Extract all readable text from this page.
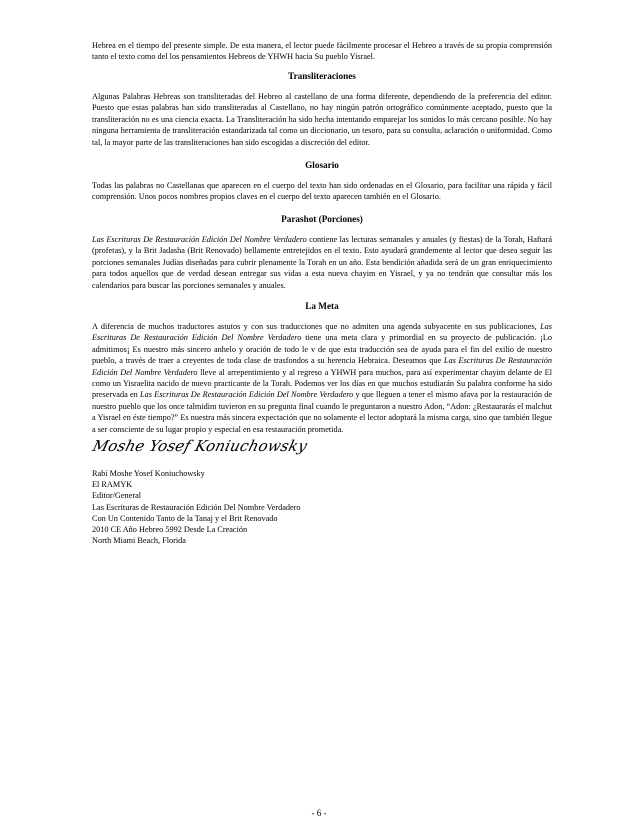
Hebrea en el tiempo del presente simple. De esta manera, el lector puede fácilmente procesar el Hebreo a través de su propia comprensión tanto el texto como del los pensamientos Hebreos de YHWH hacia Su pueblo Yisrael.

Transliteraciones

Algunas Palabras Hebreas son transliteradas del Hebreo al castellano de una forma diferente, dependiendo de la preferencia del editor. Puesto que estas palabras han sido transliteradas al Castellano, no hay ningún patrón ortográfico comúnmente aceptado, puesto que la transliteración no es una ciencia exacta. La Transliteración ha sido hecha intentando emparejar los sonidos lo más cercano posible. No hay ninguna herramienta de transliteración estandarizada tal como un diccionario, un tesoro, para su consulta, aclaración o uniformidad. Como tal, la mayor parte de las transliteraciones han sido escogidas a discreción del editor.

Glosario

Todas las palabras no Castellanas que aparecen en el cuerpo del texto han sido ordenadas en el Glosario, para facilitar una rápida y fácil comprensión. Unos pocos nombres propios claves en el cuerpo del texto aparecen también en el Glosario.

Parashot (Porciones)

Las Escrituras De Restauración Edición Del Nombre Verdadero contiene las lecturas semanales y anuales (y fiestas) de la Torah, Haftará (profetas), y la Brit Jadasha (Brit Renovado) bellamente entretejidos en el texto. Esto ayudará grandemente al lector que desea seguir las porciones semanales Judías diseñadas para cubrir plenamente la Torah en un año. Esta bendición añadida será de un gran enriquecimiento para todos aquellos que de verdad desean entregar sus vidas a esta nueva chayim en Yisrael, y ya no tendrán que consultar más los calendarios para buscar las porciones semanales y anuales.

La Meta

A diferencia de muchos traductores astutos y con sus traducciones que no admiten una agenda subyacente en sus publicaciones, Las Escrituras De Restauración Edición Del Nombre Verdadero tiene una meta clara y primordial en su proyecto de publicación. ¡Lo admitimos¡ Es nuestro más sincero anhelo y oración de todo le v de que esta traducción sea de ayuda para el fin del exilio de nuestro pueblo, a través de traer a creyentes de toda clase de trasfondos a su herencia Hebraica. Deseamos que Las Escrituras De Restauración Edición Del Nombre Verdadero lleve al arrepentimiento y al regreso a YHWH para muchos, para así experimentar chayim delante de El como un Yisraelita nacido de nuevo practicante de la Torah. Podemos ver los días en que muchos estudiarán Su palabra conforme ha sido preservada en Las Escrituras De Restauración Edición Del Nombre Verdadero y que lleguen a tener el mismo afava por la restauración de nuestro pueblo que los once talmidim tuvieron en su pregunta final cuando le preguntaron a nuestro Adon, “Adon: ¿Restaurarás el malchut a Yisrael en éste tiempo?” Es nuestra más sincera expectación que no solamente el lector adoptará la misma carga, sino que también llegue a ser consciente de su lugar propio y especial en esa restauración prometida.

Moshe Yosef Koniuchowsky
Rabí Moshe Yosef Koniuchowsky
El RAMYK
Editor/General
Las Escrituras de Restauración Edición Del Nombre Verdadero
Con Un Contenido Tanto de la Tanaj y el Brit Renovado
2010 CE Año Hebreo 5992 Desde La Creación
North Miami Beach, Florida
- 6 -
